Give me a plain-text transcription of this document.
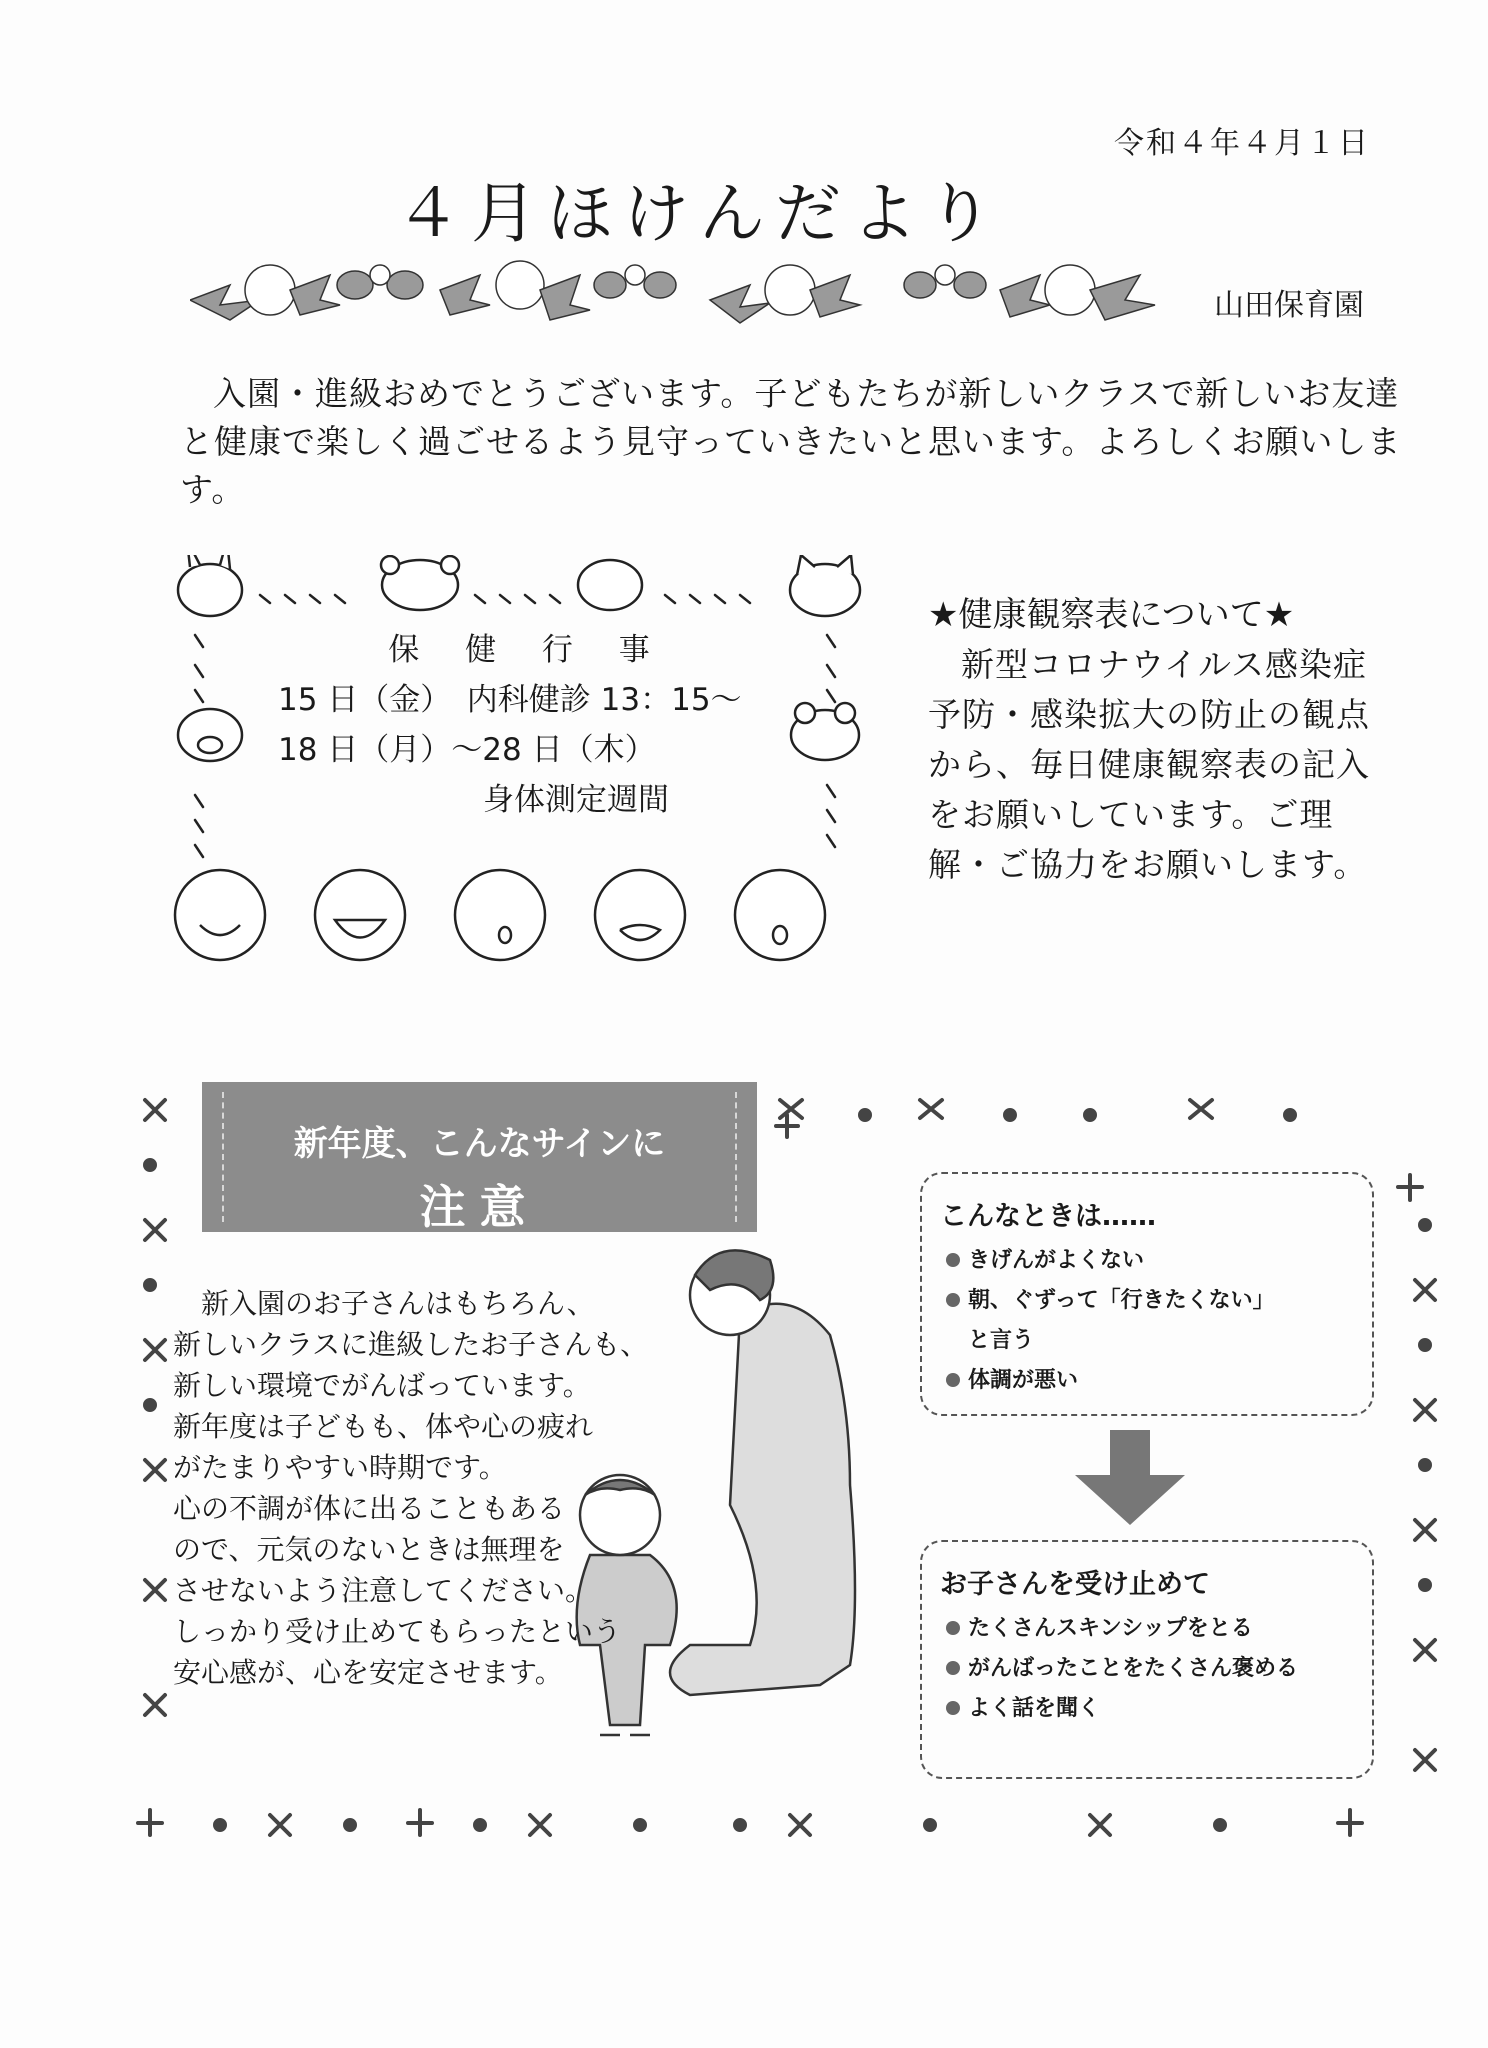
令和４年４月１日
４月ほけんだより
山田保育園
入園・進級おめでとうございます。子どもたちが新しいクラスで新しいお友達と健康で楽しく過ごせるよう見守っていきたいと思います。よろしくお願いします。
保 健 行 事
15 日（金）　内科健診 13：15～
18 日（月）～28 日（木）
身体測定週間
★健康観察表について★
新型コロナウイルス感染症予防・感染拡大の防止の観点から、毎日健康観察表の記入をお願いしています。ご理解・ご協力をお願いします。
新年度、こんなサインに
注意
新入園のお子さんはもちろん、
新しいクラスに進級したお子さんも、
新しい環境でがんばっています。
新年度は子どもも、体や心の疲れ
がたまりやすい時期です。
心の不調が体に出ることもある
ので、元気のないときは無理を
させないよう注意してください。
しっかり受け止めてもらったという
安心感が、心を安定させます。
こんなときは……
きげんがよくない
朝、ぐずって「行きたくない」
と言う
体調が悪い
お子さんを受け止めて
たくさんスキンシップをとる
がんばったことをたくさん褒める
よく話を聞く
